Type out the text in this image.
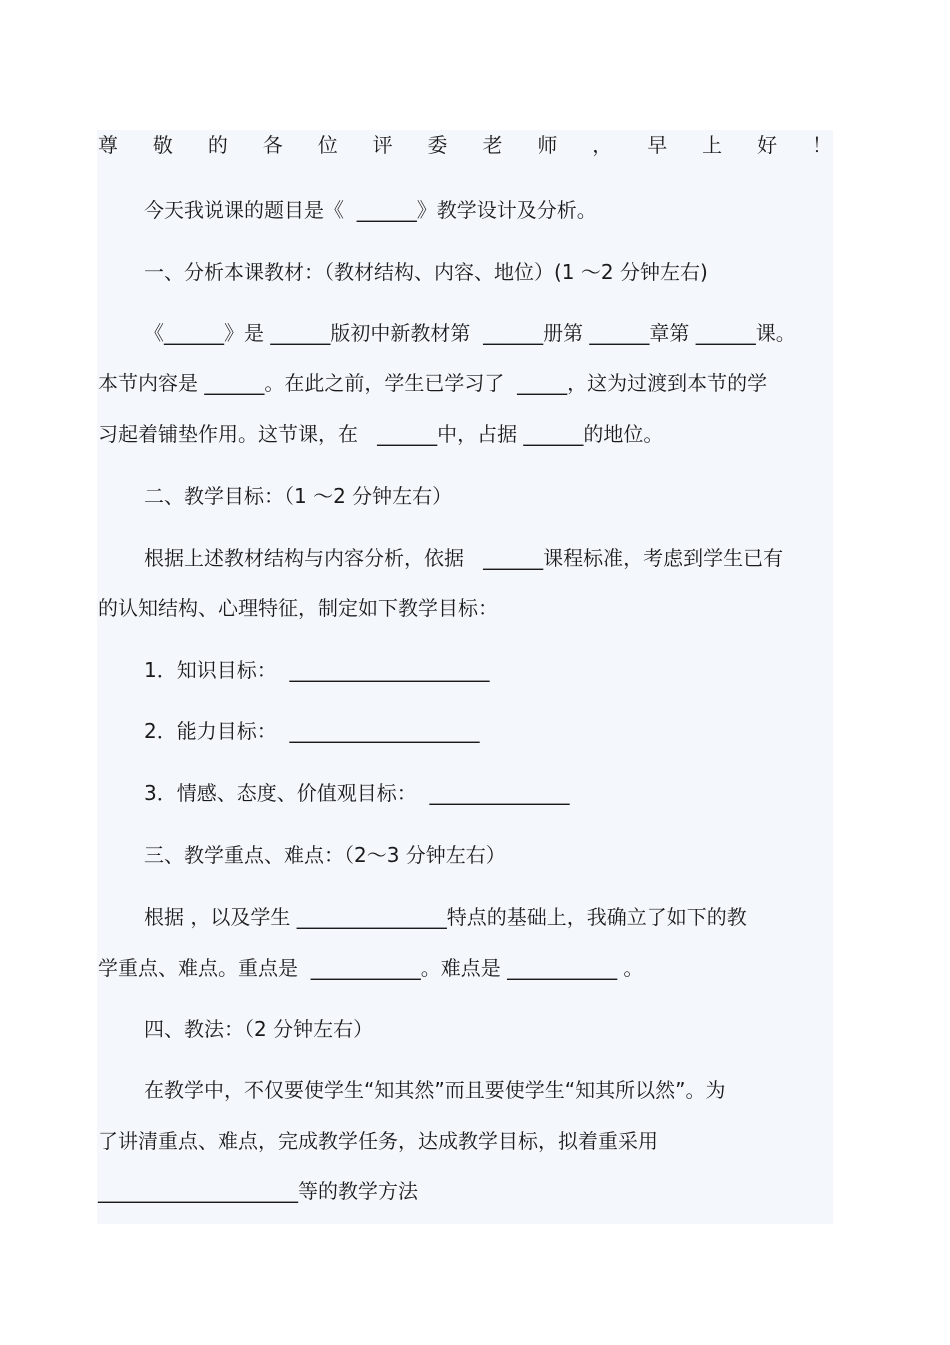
尊 敬 的 各 位 评 委 老 师 ， 早 上 好 ！
今天我说课的题目是《  ______》教学设计及分析。
一、分析本课教材：（教材结构、内容、地位）(1 ～2 分钟左右)
《______》是 ______版初中新教材第  ______册第 ______章第 ______课。
本节内容是 ______。在此之前，学生已学习了  _____，这为过渡到本节的学
习起着铺垫作用。这节课，在   ______中，占据 ______的地位。
二、教学目标：（1 ～2 分钟左右）
根据上述教材结构与内容分析，依据   ______课程标准，考虑到学生已有
的认知结构、心理特征，制定如下教学目标：
1．知识目标：  ____________________
2．能力目标：  ___________________
3．情感、态度、价值观目标：  ______________
三、教学重点、难点：（2～3 分钟左右）
根据 ，以及学生 _______________特点的基础上，我确立了如下的教
学重点、难点。重点是  ___________。难点是 ___________ 。
四、教法：（2 分钟左右）
在教学中，不仅要使学生“知其然”而且要使学生“知其所以然”。为
了讲清重点、难点，完成教学任务，达成教学目标，拟着重采用
____________________等的教学方法
